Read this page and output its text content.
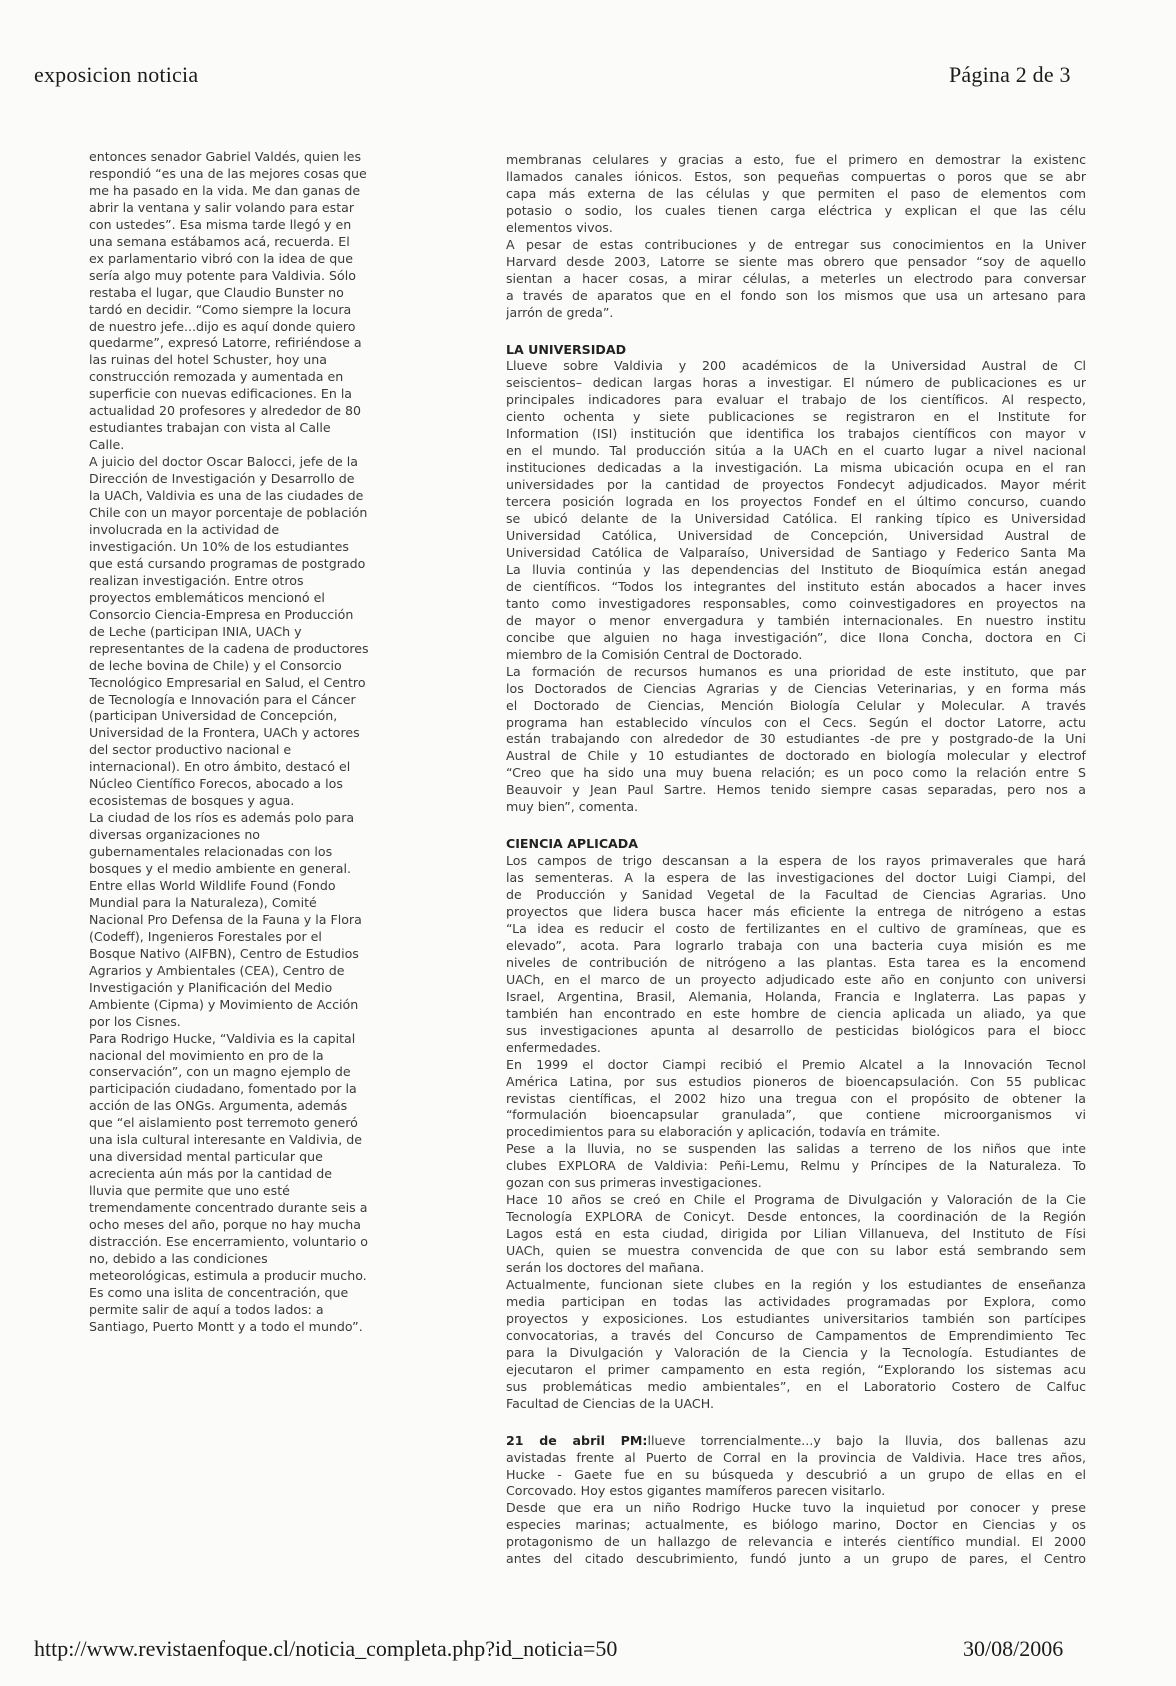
exposicion noticia	Página 2 de 3
entonces senador Gabriel Valdés, quien les
respondió “es una de las mejores cosas que
me ha pasado en la vida. Me dan ganas de
abrir la ventana y salir volando para estar
con ustedes”. Esa misma tarde llegó y en
una semana estábamos acá, recuerda. El
ex parlamentario vibró con la idea de que
sería algo muy potente para Valdivia. Sólo
restaba el lugar, que Claudio Bunster no
tardó en decidir. “Como siempre la locura
de nuestro jefe...dijo es aquí donde quiero
quedarme”, expresó Latorre, refiriéndose a
las ruinas del hotel Schuster, hoy una
construcción remozada y aumentada en
superficie con nuevas edificaciones. En la
actualidad 20 profesores y alrededor de 80
estudiantes trabajan con vista al Calle
Calle.
A juicio del doctor Oscar Balocci, jefe de la
Dirección de Investigación y Desarrollo de
la UACh, Valdivia es una de las ciudades de
Chile con un mayor porcentaje de población
involucrada en la actividad de
investigación. Un 10% de los estudiantes
que está cursando programas de postgrado
realizan investigación. Entre otros
proyectos emblemáticos mencionó el
Consorcio Ciencia-Empresa en Producción
de Leche (participan INIA, UACh y
representantes de la cadena de productores
de leche bovina de Chile) y el Consorcio
Tecnológico Empresarial en Salud, el Centro
de Tecnología e Innovación para el Cáncer
(participan Universidad de Concepción,
Universidad de la Frontera, UACh y actores
del sector productivo nacional e
internacional). En otro ámbito, destacó el
Núcleo Científico Forecos, abocado a los
ecosistemas de bosques y agua.
La ciudad de los ríos es además polo para
diversas organizaciones no
gubernamentales relacionadas con los
bosques y el medio ambiente en general.
Entre ellas World Wildlife Found (Fondo
Mundial para la Naturaleza), Comité
Nacional Pro Defensa de la Fauna y la Flora
(Codeff), Ingenieros Forestales por el
Bosque Nativo (AIFBN), Centro de Estudios
Agrarios y Ambientales (CEA), Centro de
Investigación y Planificación del Medio
Ambiente (Cipma) y Movimiento de Acción
por los Cisnes.
Para Rodrigo Hucke, “Valdivia es la capital
nacional del movimiento en pro de la
conservación”, con un magno ejemplo de
participación ciudadano, fomentado por la
acción de las ONGs. Argumenta, además
que “el aislamiento post terremoto generó
una isla cultural interesante en Valdivia, de
una diversidad mental particular que
acrecienta aún más por la cantidad de
lluvia que permite que uno esté
tremendamente concentrado durante seis a
ocho meses del año, porque no hay mucha
distracción. Ese encerramiento, voluntario o
no, debido a las condiciones
meteorológicas, estimula a producir mucho.
Es como una islita de concentración, que
permite salir de aquí a todos lados: a
Santiago, Puerto Montt y a todo el mundo”.
membranas celulares y gracias a esto, fue el primero en demostrar la existenc
llamados canales iónicos. Estos, son pequeñas compuertas o poros que se abr
capa más externa de las células y que permiten el paso de elementos com
potasio o sodio, los cuales tienen carga eléctrica y explican el que las célu
elementos vivos.
A pesar de estas contribuciones y de entregar sus conocimientos en la Univer
Harvard desde 2003, Latorre se siente mas obrero que pensador “soy de aquello
sientan a hacer cosas, a mirar células, a meterles un electrodo para conversar
a través de aparatos que en el fondo son los mismos que usa un artesano para
jarrón de greda”.
LA UNIVERSIDAD
Llueve sobre Valdivia y 200 académicos de la Universidad Austral de Cl
seiscientos– dedican largas horas a investigar. El número de publicaciones es ur
principales indicadores para evaluar el trabajo de los científicos. Al respecto,
ciento ochenta y siete publicaciones se registraron en el Institute for
Information (ISI) institución que identifica los trabajos científicos con mayor v
en el mundo. Tal producción sitúa a la UACh en el cuarto lugar a nivel nacional
instituciones dedicadas a la investigación. La misma ubicación ocupa en el ran
universidades por la cantidad de proyectos Fondecyt adjudicados. Mayor mérit
tercera posición lograda en los proyectos Fondef en el último concurso, cuando
se ubicó delante de la Universidad Católica. El ranking típico es Universidad
Universidad Católica, Universidad de Concepción, Universidad Austral de
Universidad Católica de Valparaíso, Universidad de Santiago y Federico Santa Ma
La lluvia continúa y las dependencias del Instituto de Bioquímica están anegad
de científicos. “Todos los integrantes del instituto están abocados a hacer inves
tanto como investigadores responsables, como coinvestigadores en proyectos na
de mayor o menor envergadura y también internacionales. En nuestro institu
concibe que alguien no haga investigación”, dice Ilona Concha, doctora en Ci
miembro de la Comisión Central de Doctorado.
La formación de recursos humanos es una prioridad de este instituto, que par
los Doctorados de Ciencias Agrarias y de Ciencias Veterinarias, y en forma más
el Doctorado de Ciencias, Mención Biología Celular y Molecular. A través
programa han establecido vínculos con el Cecs. Según el doctor Latorre, actu
están trabajando con alrededor de 30 estudiantes -de pre y postgrado-de la Uni
Austral de Chile y 10 estudiantes de doctorado en biología molecular y electrof
“Creo que ha sido una muy buena relación; es un poco como la relación entre S
Beauvoir y Jean Paul Sartre. Hemos tenido siempre casas separadas, pero nos a
muy bien”, comenta.
CIENCIA APLICADA
Los campos de trigo descansan a la espera de los rayos primaverales que hará
las sementeras. A la espera de las investigaciones del doctor Luigi Ciampi, del
de Producción y Sanidad Vegetal de la Facultad de Ciencias Agrarias. Uno
proyectos que lidera busca hacer más eficiente la entrega de nitrógeno a estas
“La idea es reducir el costo de fertilizantes en el cultivo de gramíneas, que es
elevado”, acota. Para lograrlo trabaja con una bacteria cuya misión es me
niveles de contribución de nitrógeno a las plantas. Esta tarea es la encomend
UACh, en el marco de un proyecto adjudicado este año en conjunto con universi
Israel, Argentina, Brasil, Alemania, Holanda, Francia e Inglaterra. Las papas y
también han encontrado en este hombre de ciencia aplicada un aliado, ya que
sus investigaciones apunta al desarrollo de pesticidas biológicos para el biocc
enfermedades.
En 1999 el doctor Ciampi recibió el Premio Alcatel a la Innovación Tecnol
América Latina, por sus estudios pioneros de bioencapsulación. Con 55 publicac
revistas científicas, el 2002 hizo una tregua con el propósito de obtener la
“formulación bioencapsular granulada”, que contiene microorganismos vi
procedimientos para su elaboración y aplicación, todavía en trámite.
Pese a la lluvia, no se suspenden las salidas a terreno de los niños que inte
clubes EXPLORA de Valdivia: Peñi-Lemu, Relmu y Príncipes de la Naturaleza. To
gozan con sus primeras investigaciones.
Hace 10 años se creó en Chile el Programa de Divulgación y Valoración de la Cie
Tecnología EXPLORA de Conicyt. Desde entonces, la coordinación de la Región
Lagos está en esta ciudad, dirigida por Lilian Villanueva, del Instituto de Físi
UACh, quien se muestra convencida de que con su labor está sembrando sem
serán los doctores del mañana.
Actualmente, funcionan siete clubes en la región y los estudiantes de enseñanza
media participan en todas las actividades programadas por Explora, como
proyectos y exposiciones. Los estudiantes universitarios también son partícipes
convocatorias, a través del Concurso de Campamentos de Emprendimiento Tec
para la Divulgación y Valoración de la Ciencia y la Tecnología. Estudiantes de
ejecutaron el primer campamento en esta región, “Explorando los sistemas acu
sus problemáticas medio ambientales”, en el Laboratorio Costero de Calfuc
Facultad de Ciencias de la UACH.
21 de abril PM:llueve torrencialmente...y bajo la lluvia, dos ballenas azu
avistadas frente al Puerto de Corral en la provincia de Valdivia. Hace tres años,
Hucke - Gaete fue en su búsqueda y descubrió a un grupo de ellas en el
Corcovado. Hoy estos gigantes mamíferos parecen visitarlo.
Desde que era un niño Rodrigo Hucke tuvo la inquietud por conocer y prese
especies marinas; actualmente, es biólogo marino, Doctor en Ciencias y os
protagonismo de un hallazgo de relevancia e interés científico mundial. El 2000
antes del citado descubrimiento, fundó junto a un grupo de pares, el Centro
http://www.revistaenfoque.cl/noticia_completa.php?id_noticia=50	30/08/2006
